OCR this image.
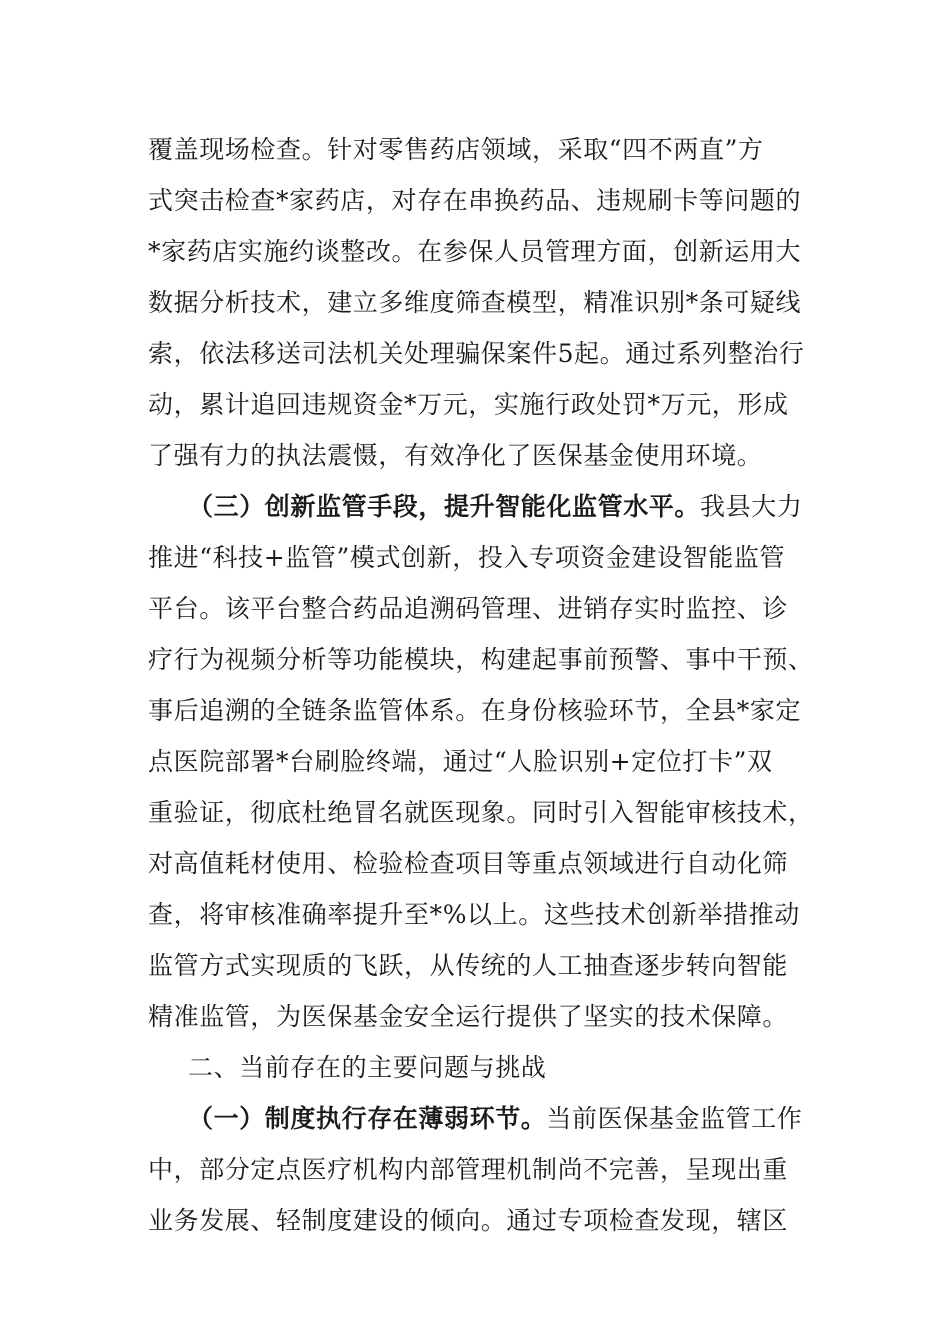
覆盖现场检查。针对零售药店领域，采取“四不两直”方
式突击检查*家药店，对存在串换药品、违规刷卡等问题的
*家药店实施约谈整改。在参保人员管理方面，创新运用大
数据分析技术，建立多维度筛查模型，精准识别*条可疑线
索，依法移送司法机关处理骗保案件5起。通过系列整治行
动，累计追回违规资金*万元，实施行政处罚*万元，形成
了强有力的执法震慑，有效净化了医保基金使用环境。
（三）创新监管手段，提升智能化监管水平。我县大力
推进“科技+监管”模式创新，投入专项资金建设智能监管
平台。该平台整合药品追溯码管理、进销存实时监控、诊
疗行为视频分析等功能模块，构建起事前预警、事中干预、
事后追溯的全链条监管体系。在身份核验环节，全县*家定
点医院部署*台刷脸终端，通过“人脸识别+定位打卡”双
重验证，彻底杜绝冒名就医现象。同时引入智能审核技术，
对高值耗材使用、检验检查项目等重点领域进行自动化筛
查，将审核准确率提升至*%以上。这些技术创新举措推动
监管方式实现质的飞跃，从传统的人工抽查逐步转向智能
精准监管，为医保基金安全运行提供了坚实的技术保障。
二、当前存在的主要问题与挑战
（一）制度执行存在薄弱环节。当前医保基金监管工作
中，部分定点医疗机构内部管理机制尚不完善，呈现出重
业务发展、轻制度建设的倾向。通过专项检查发现，辖区
